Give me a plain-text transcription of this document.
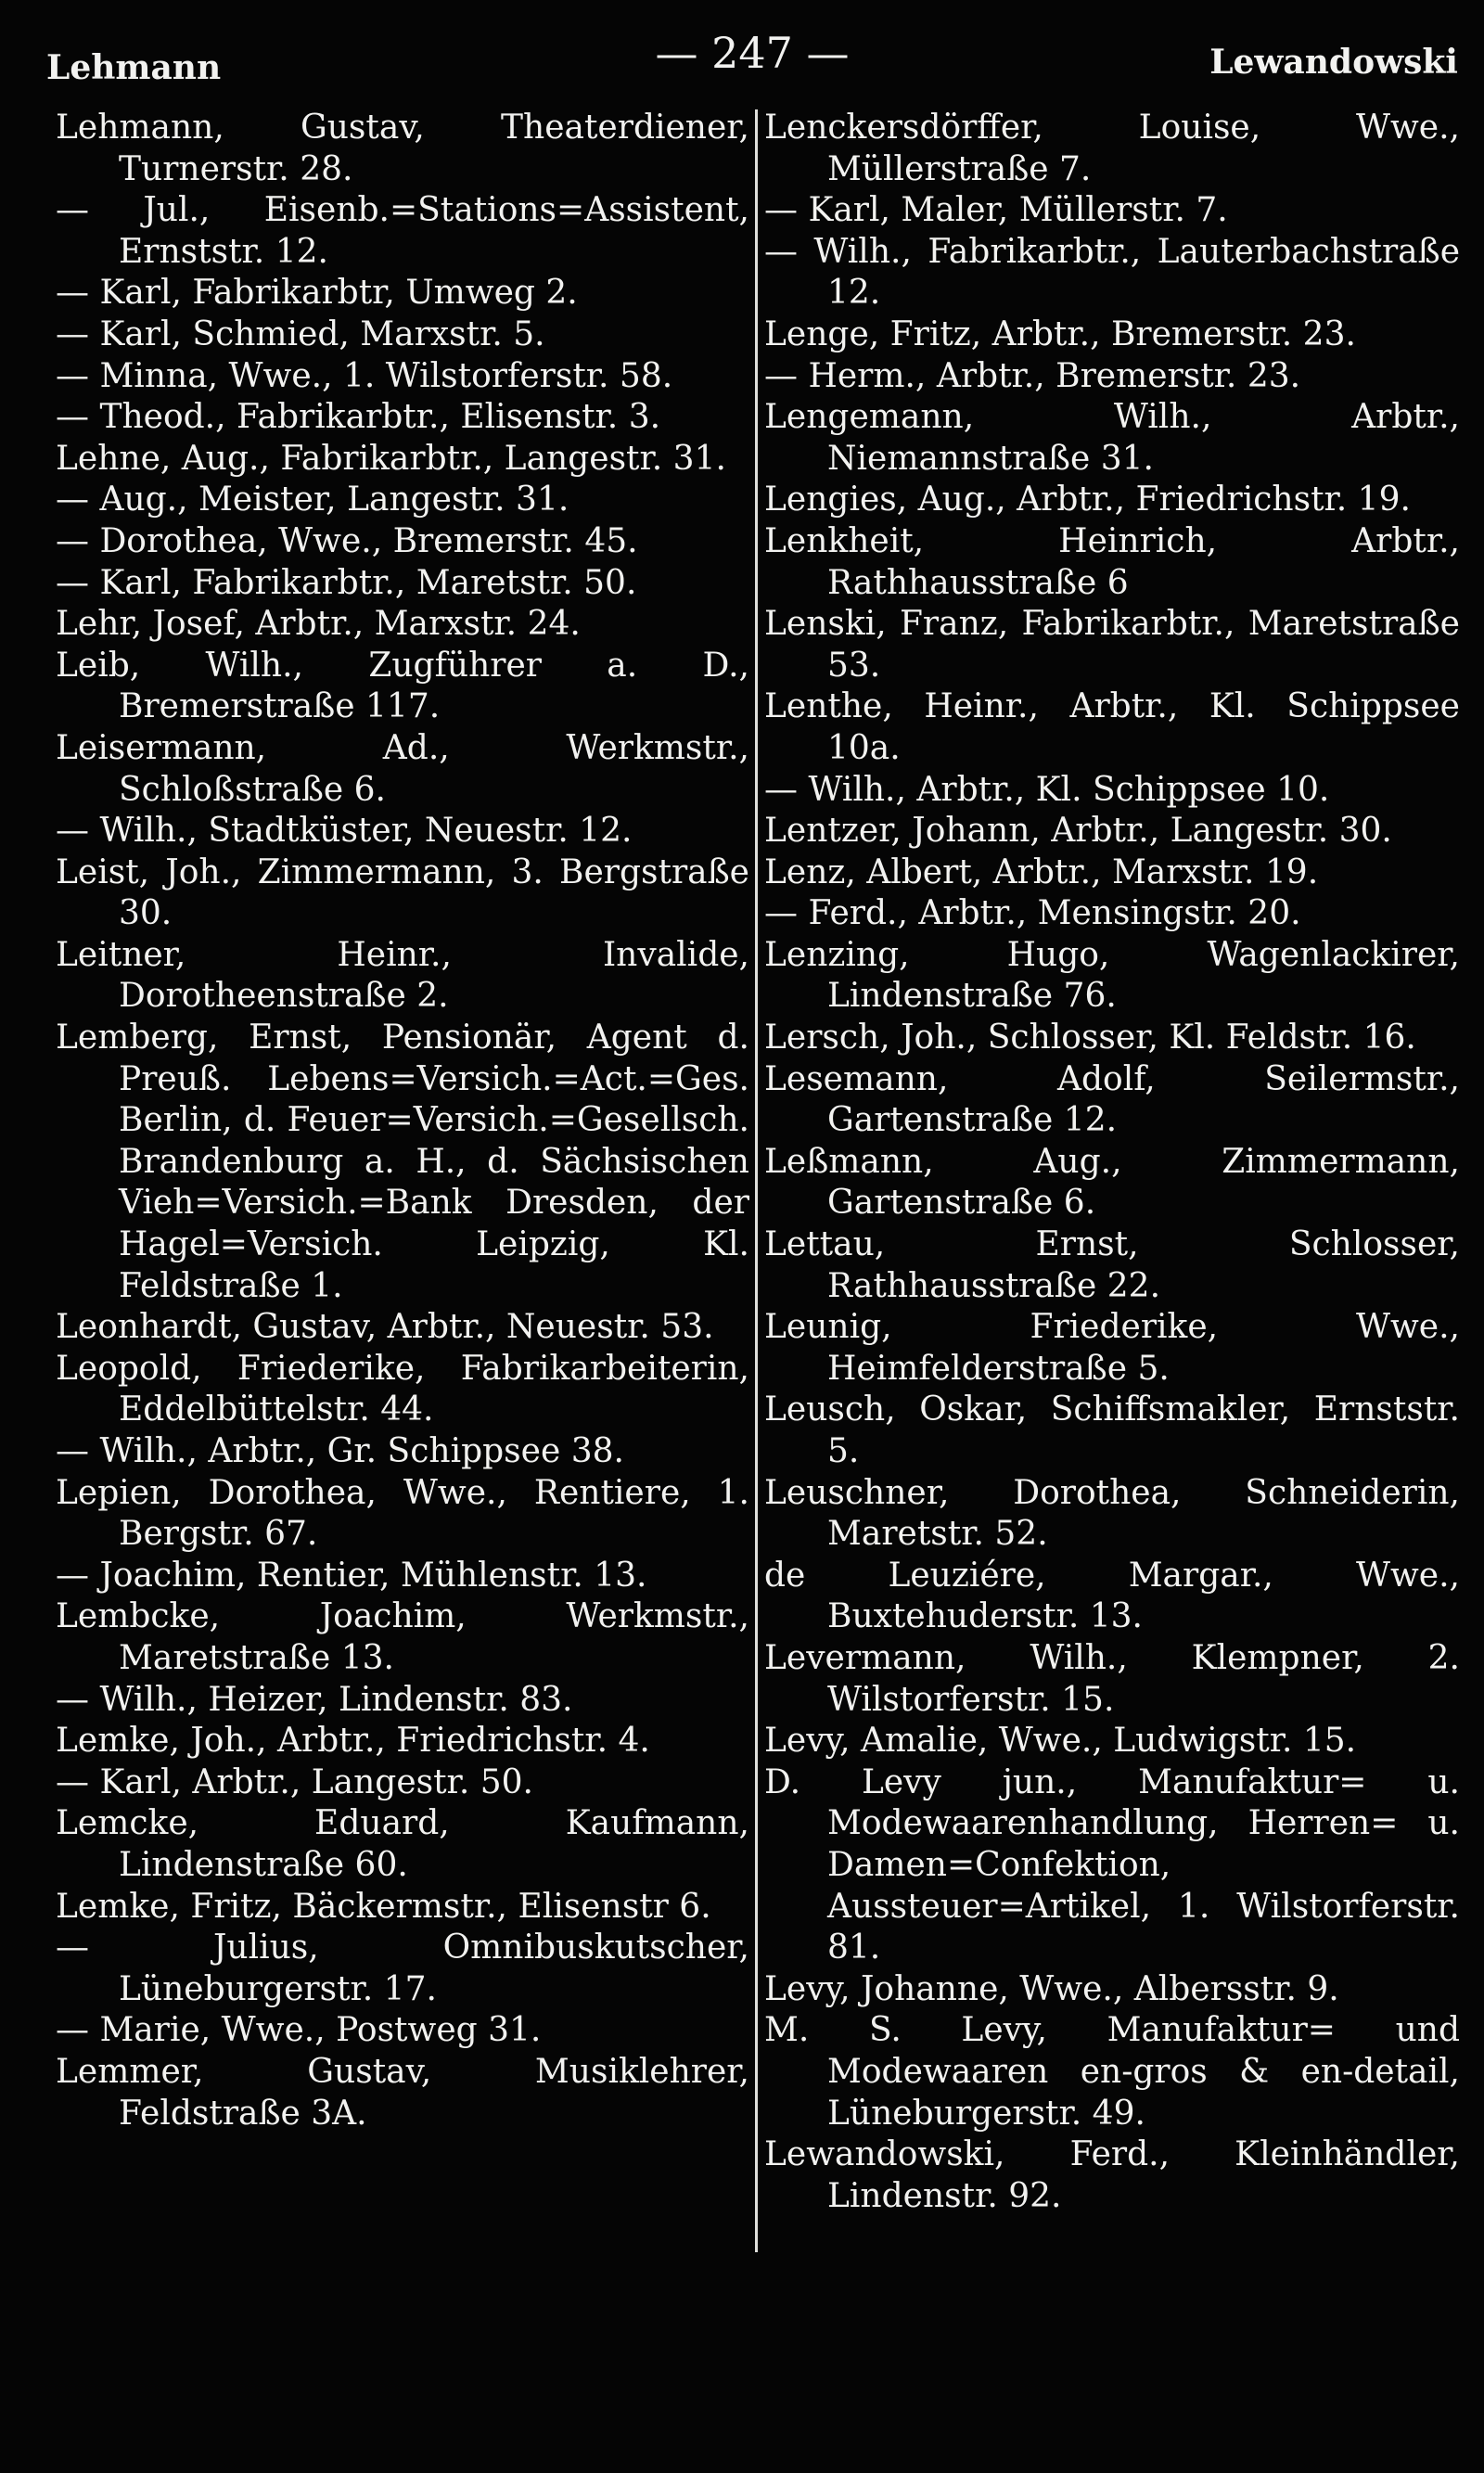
Lehmann	— 247 —	Lewandowski

Lehmann, Gustav, Theaterdiener, Turnerstr. 28.

— Jul., Eisenb.=Stations=Assistent, Ernststr. 12.

— Karl, Fabrikarbtr, Umweg 2.

— Karl, Schmied, Marxstr. 5.

— Minna, Wwe., 1. Wilstorferstr. 58.

— Theod., Fabrikarbtr., Elisenstr. 3.

Lehne, Aug., Fabrikarbtr., Langestr. 31.

— Aug., Meister, Langestr. 31.

— Dorothea, Wwe., Bremerstr. 45.

— Karl, Fabrikarbtr., Maretstr. 50.

Lehr, Josef, Arbtr., Marxstr. 24.

Leib, Wilh., Zugführer a. D., Bremerstraße 117.

Leisermann, Ad., Werkmstr., Schloßstraße 6.

— Wilh., Stadtküster, Neuestr. 12.

Leist, Joh., Zimmermann, 3. Bergstraße 30.

Leitner, Heinr., Invalide, Dorotheenstraße 2.

Lemberg, Ernst, Pensionär, Agent d. Preuß. Lebens=Versich.=Act.=Ges. Berlin, d. Feuer=Versich.=Gesellsch. Brandenburg a. H., d. Sächsischen Vieh=Versich.=Bank Dresden, der Hagel=Versich. Leipzig, Kl. Feldstraße 1.

Leonhardt, Gustav, Arbtr., Neuestr. 53.

Leopold, Friederike, Fabrikarbeiterin, Eddelbüttelstr. 44.

— Wilh., Arbtr., Gr. Schippsee 38.

Lepien, Dorothea, Wwe., Rentiere, 1. Bergstr. 67.

— Joachim, Rentier, Mühlenstr. 13.

Lembcke, Joachim, Werkmstr., Maretstraße 13.

— Wilh., Heizer, Lindenstr. 83.

Lemke, Joh., Arbtr., Friedrichstr. 4.

— Karl, Arbtr., Langestr. 50.

Lemcke, Eduard, Kaufmann, Lindenstraße 60.

Lemke, Fritz, Bäckermstr., Elisenstr 6.

— Julius, Omnibuskutscher, Lüneburgerstr. 17.

— Marie, Wwe., Postweg 31.

Lemmer, Gustav, Musiklehrer, Feldstraße 3A.

Lenckersdörffer, Louise, Wwe., Müllerstraße 7.

— Karl, Maler, Müllerstr. 7.

— Wilh., Fabrikarbtr., Lauterbachstraße 12.

Lenge, Fritz, Arbtr., Bremerstr. 23.

— Herm., Arbtr., Bremerstr. 23.

Lengemann, Wilh., Arbtr., Niemannstraße 31.

Lengies, Aug., Arbtr., Friedrichstr. 19.

Lenkheit, Heinrich, Arbtr., Rathhausstraße 6

Lenski, Franz, Fabrikarbtr., Maretstraße 53.

Lenthe, Heinr., Arbtr., Kl. Schippsee 10a.

— Wilh., Arbtr., Kl. Schippsee 10.

Lentzer, Johann, Arbtr., Langestr. 30.

Lenz, Albert, Arbtr., Marxstr. 19.

— Ferd., Arbtr., Mensingstr. 20.

Lenzing, Hugo, Wagenlackirer, Lindenstraße 76.

Lersch, Joh., Schlosser, Kl. Feldstr. 16.

Lesemann, Adolf, Seilermstr., Gartenstraße 12.

Leßmann, Aug., Zimmermann, Gartenstraße 6.

Lettau, Ernst, Schlosser, Rathhausstraße 22.

Leunig, Friederike, Wwe., Heimfelderstraße 5.

Leusch, Oskar, Schiffsmakler, Ernststr. 5.

Leuschner, Dorothea, Schneiderin, Maretstr. 52.

de Leuziére, Margar., Wwe., Buxtehuderstr. 13.

Levermann, Wilh., Klempner, 2. Wilstorferstr. 15.

Levy, Amalie, Wwe., Ludwigstr. 15.

D. Levy jun., Manufaktur= u. Modewaarenhandlung, Herren= u. Damen=Confektion, Aussteuer=Artikel, 1. Wilstorferstr. 81.

Levy, Johanne, Wwe., Albersstr. 9.

M. S. Levy, Manufaktur= und Modewaaren en-gros & en-detail, Lüneburgerstr. 49.

Lewandowski, Ferd., Kleinhändler, Lindenstr. 92.
